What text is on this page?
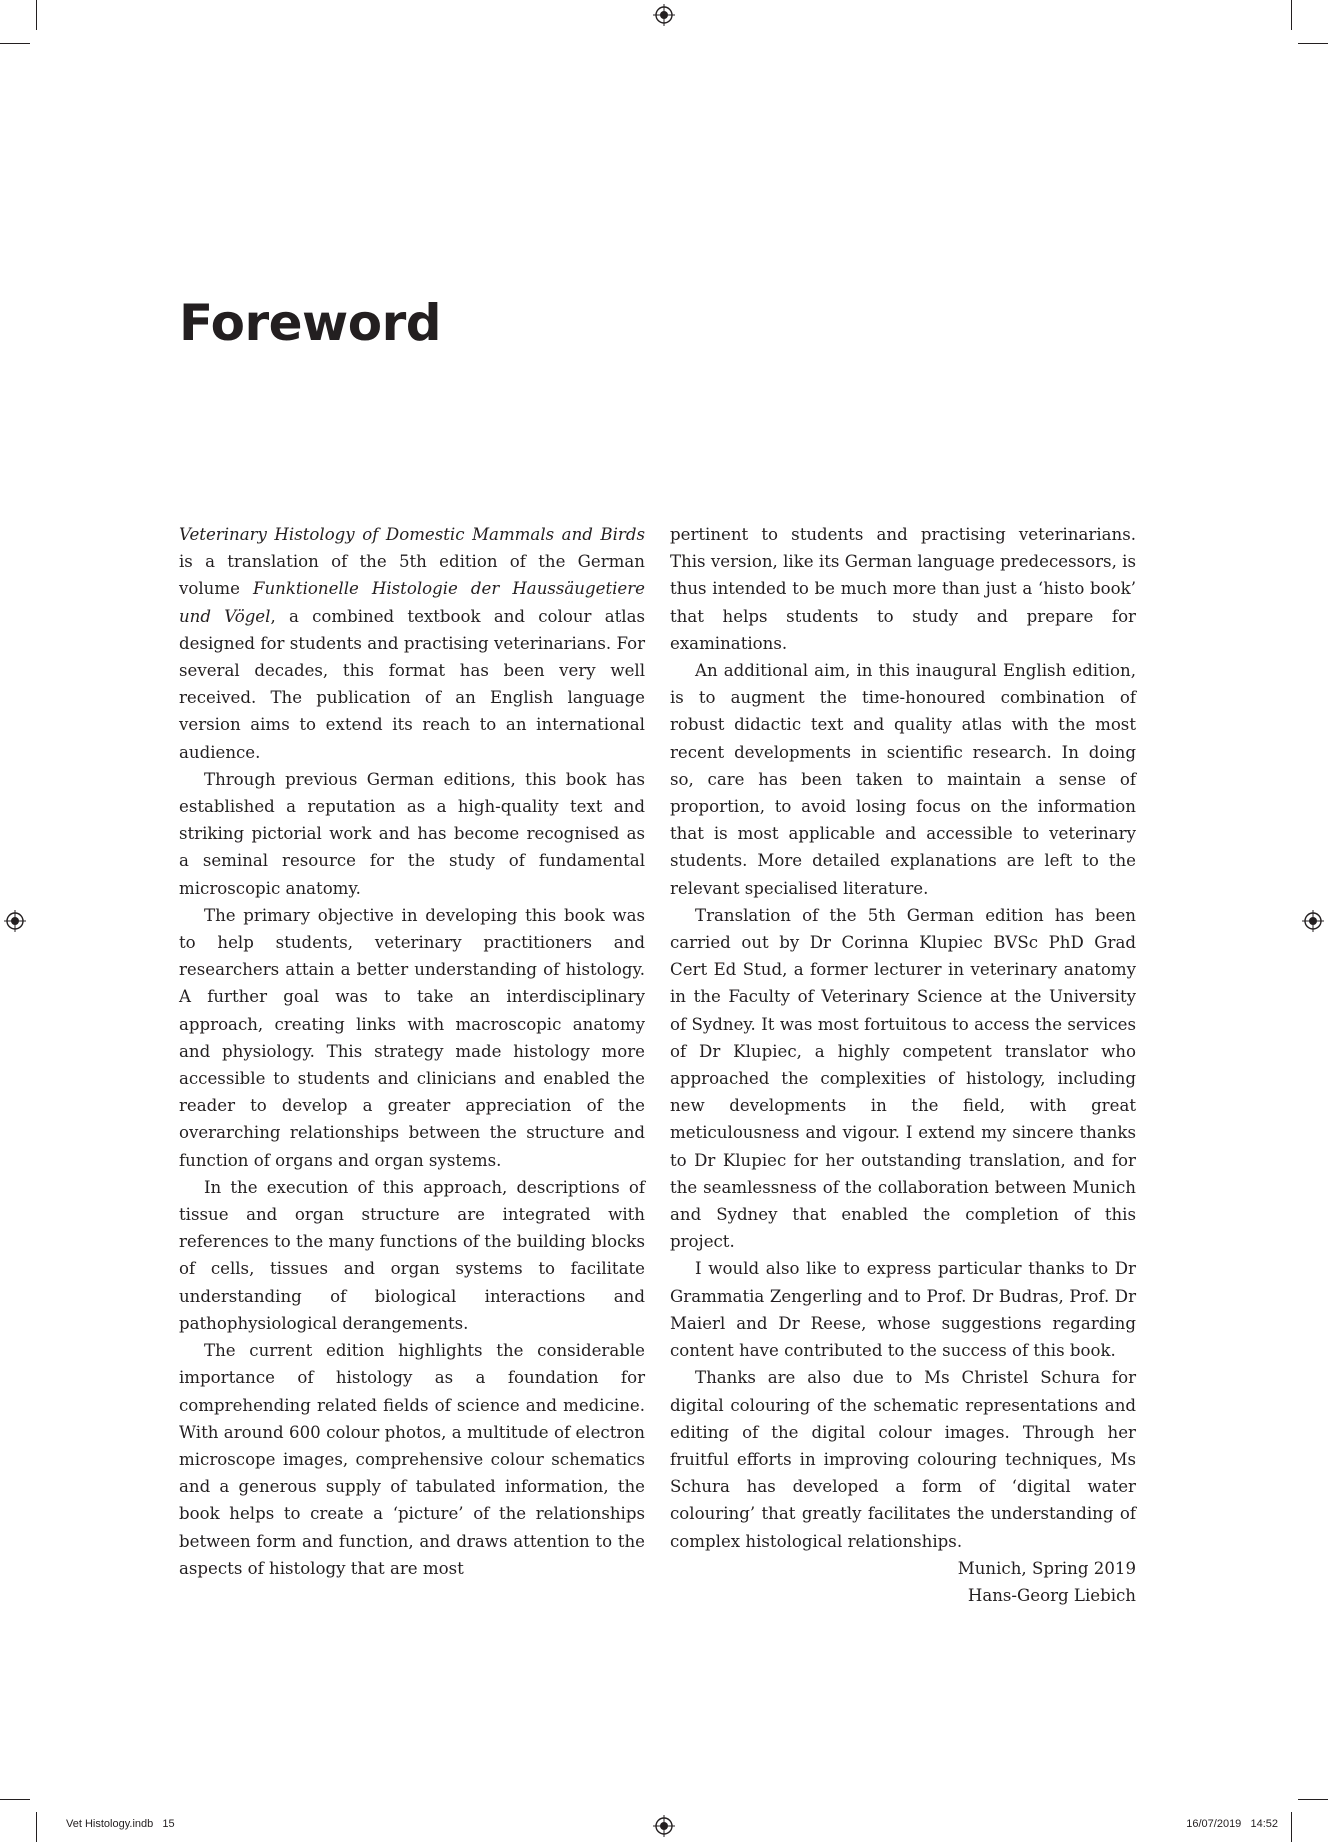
Foreword

Veterinary Histology of Domestic Mammals and Birds is a translation of the 5th edition of the German volume Funktionelle Histologie der Haussäugetiere und Vögel, a combined textbook and colour atlas designed for students and practising veterinarians. For several decades, this format has been very well received. The publication of an English language version aims to extend its reach to an international audience.

Through previous German editions, this book has established a reputation as a high-quality text and striking pictorial work and has become recognised as a seminal resource for the study of fundamental microscopic anatomy.

The primary objective in developing this book was to help students, veterinary practitioners and researchers attain a better understanding of histology. A further goal was to take an interdisciplinary approach, creating links with macroscopic anatomy and physiology. This strategy made histology more accessible to students and clinicians and enabled the reader to develop a greater appreciation of the overarching relationships between the structure and function of organs and organ systems.

In the execution of this approach, descriptions of tissue and organ structure are integrated with references to the many functions of the building blocks of cells, tissues and organ systems to facilitate understanding of biological interactions and pathophysiological derangements.

The current edition highlights the considerable importance of histology as a foundation for comprehending related fields of science and medicine. With around 600 colour photos, a multitude of electron microscope images, comprehensive colour schematics and a generous supply of tabulated information, the book helps to create a ‘picture’ of the relationships between form and function, and draws attention to the aspects of histology that are most

pertinent to students and practising veterinarians. This version, like its German language predecessors, is thus intended to be much more than just a ‘histo book’ that helps students to study and prepare for examinations.

An additional aim, in this inaugural English edition, is to augment the time-honoured combination of robust didactic text and quality atlas with the most recent developments in scientific research. In doing so, care has been taken to maintain a sense of proportion, to avoid losing focus on the information that is most applicable and accessible to veterinary students. More detailed explanations are left to the relevant specialised literature.

Translation of the 5th German edition has been carried out by Dr Corinna Klupiec BVSc PhD Grad Cert Ed Stud, a former lecturer in veterinary anatomy in the Faculty of Veterinary Science at the University of Sydney. It was most fortuitous to access the services of Dr Klupiec, a highly competent translator who approached the complexities of histology, including new developments in the field, with great meticulousness and vigour. I extend my sincere thanks to Dr Klupiec for her outstanding translation, and for the seamlessness of the collaboration between Munich and Sydney that enabled the completion of this project.

I would also like to express particular thanks to Dr Grammatia Zengerling and to Prof. Dr Budras, Prof. Dr Maierl and Dr Reese, whose suggestions regarding content have contributed to the success of this book.

Thanks are also due to Ms Christel Schura for digital colouring of the schematic representations and editing of the digital colour images. Through her fruitful efforts in improving colouring techniques, Ms Schura has developed a form of ‘digital water colouring’ that greatly facilitates the understanding of complex histological relationships.

Munich, Spring 2019

Hans-Georg Liebich

Vet Histology.indb   15	16/07/2019   14:52
